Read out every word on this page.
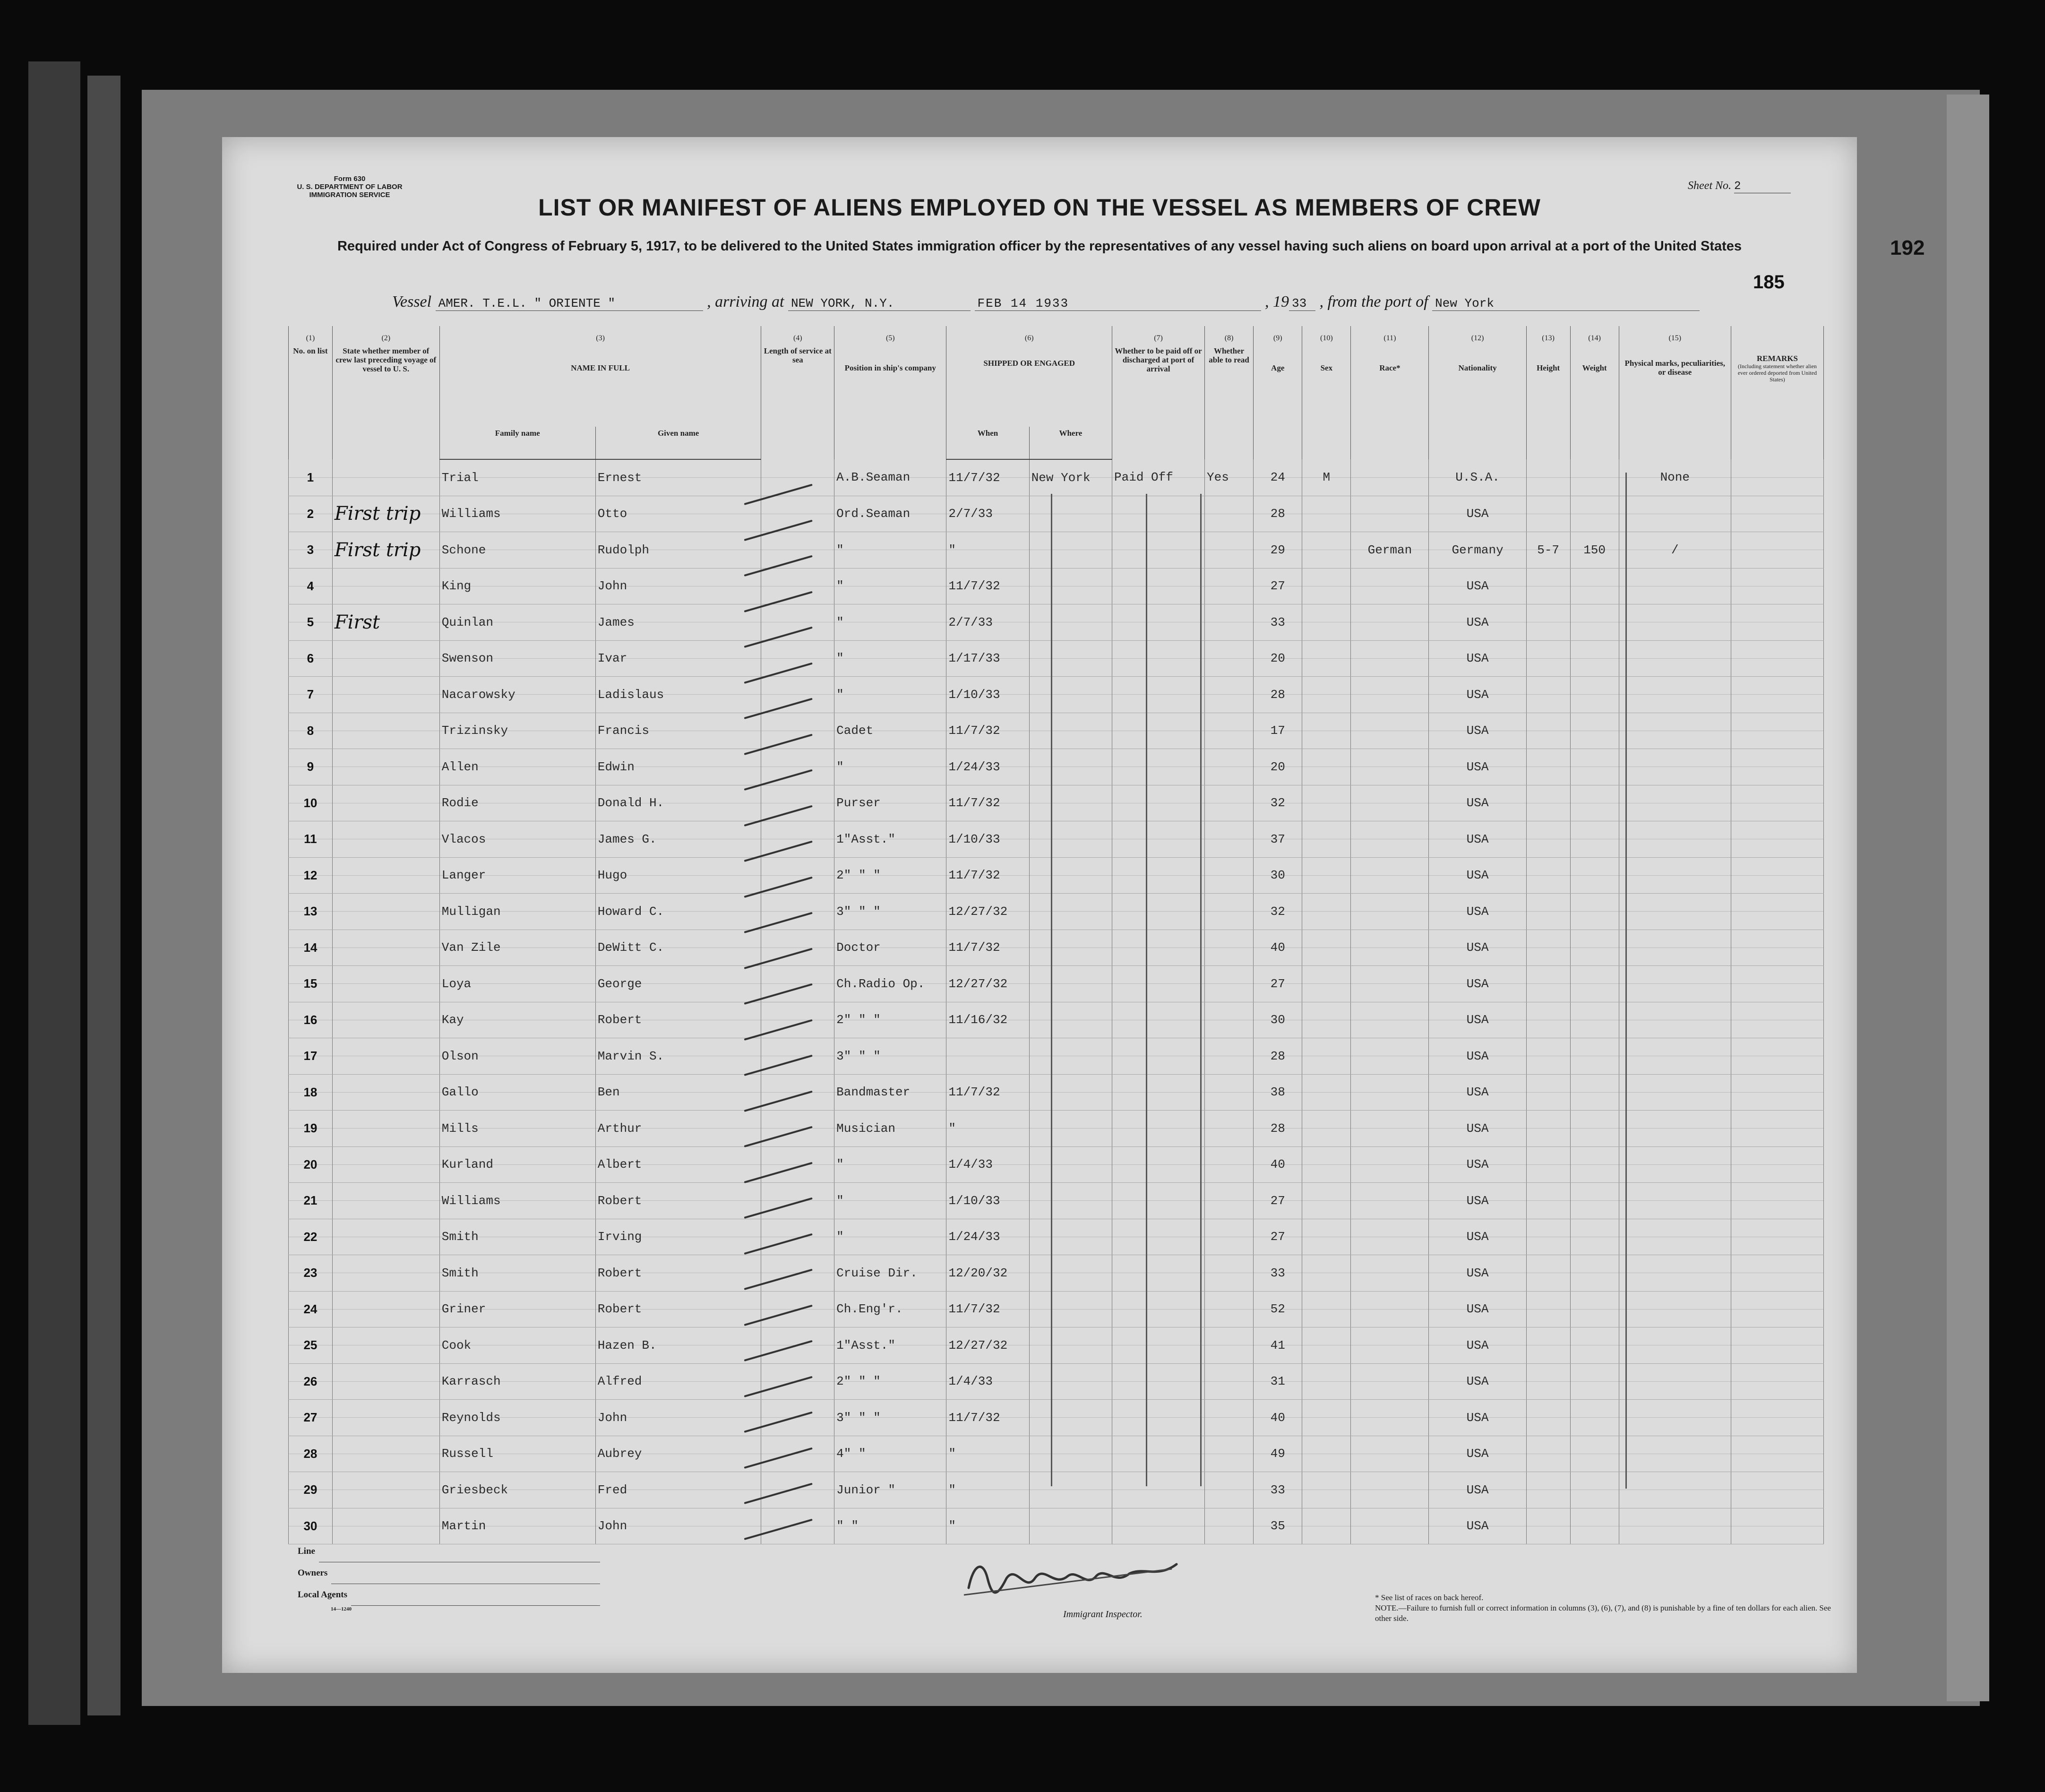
192
Form 630
U. S. DEPARTMENT OF LABOR
IMMIGRATION SERVICE
Sheet No. 2
185
LIST OR MANIFEST OF ALIENS EMPLOYED ON THE VESSEL AS MEMBERS OF CREW
Required under Act of Congress of February 5, 1917, to be delivered to the United States immigration officer by the representatives of any vessel having such aliens on board upon arrival at a port of the United States
Vessel AMER. T.E.L. " ORIENTE "	, arriving at NEW YORK, N.Y.	FEB 14 1933	, 19 33 , from the port of New York
(1)	(2)	(3)		(4)	(5)	(6)		(7)	(8)	(9)	(10)	(11)	(12)	(13)	(14)	(15)	
No. on list	State whether member of crew last preceding voyage of vessel to U. S.	NAME IN FULL		Length of service at sea	Position in ship's company	SHIPPED OR ENGAGED		Whether to be paid off or discharged at port of arrival	Whether able to read	Age	Sex	Race*	Nationality	Height	Weight	Physical marks, peculiarities, or disease	REMARKS
(Including statement whether alien ever ordered deported from United States)

		Family name	Given name			When	Where										
1		Trial	Ernest		A.B.Seaman	11/7/32	New York	Paid Off	Yes	24	M		U.S.A.			None	
2	First trip	Williams	Otto		Ord.Seaman	2/7/33				28			USA				
3	First trip	Schone	Rudolph		"	"				29		German	Germany	5-7	150	/	
4		King	John		"	11/7/32				27			USA				
5	First	Quinlan	James		"	2/7/33				33			USA				
6		Swenson	Ivar		"	1/17/33				20			USA				
7		Nacarowsky	Ladislaus		"	1/10/33				28			USA				
8		Trizinsky	Francis		Cadet	11/7/32				17			USA				
9		Allen	Edwin		"	1/24/33				20			USA				
10		Rodie	Donald H.		Purser	11/7/32				32			USA				
11		Vlacos	James G.		1"Asst."	1/10/33				37			USA				
12		Langer	Hugo		2" " "	11/7/32				30			USA				
13		Mulligan	Howard C.		3" " "	12/27/32				32			USA				
14		Van Zile	DeWitt C.		Doctor	11/7/32				40			USA				
15		Loya	George		Ch.Radio Op.	12/27/32				27			USA				
16		Kay	Robert		2" " "	11/16/32				30			USA				
17		Olson	Marvin S.		3" " "					28			USA				
18		Gallo	Ben		Bandmaster	11/7/32				38			USA				
19		Mills	Arthur		Musician	"				28			USA				
20		Kurland	Albert		"	1/4/33				40			USA				
21		Williams	Robert		"	1/10/33				27			USA				
22		Smith	Irving		"	1/24/33				27			USA				
23		Smith	Robert		Cruise Dir.	12/20/32				33			USA				
24		Griner	Robert		Ch.Eng'r.	11/7/32				52			USA				
25		Cook	Hazen B.		1"Asst."	12/27/32				41			USA				
26		Karrasch	Alfred		2" " "	1/4/33				31			USA				
27		Reynolds	John		3" " "	11/7/32				40			USA				
28		Russell	Aubrey		4" "	"				49			USA				
29		Griesbeck	Fred		Junior "	"				33			USA				
30		Martin	John		" "	"				35			USA				
Line
Owners
Local Agents
14—1240	Immigrant Inspector.
* See list of races on back hereof.
NOTE.—Failure to furnish full or correct information in columns (3), (6), (7), and (8) is punishable by a fine of ten dollars for each alien. See other side.
